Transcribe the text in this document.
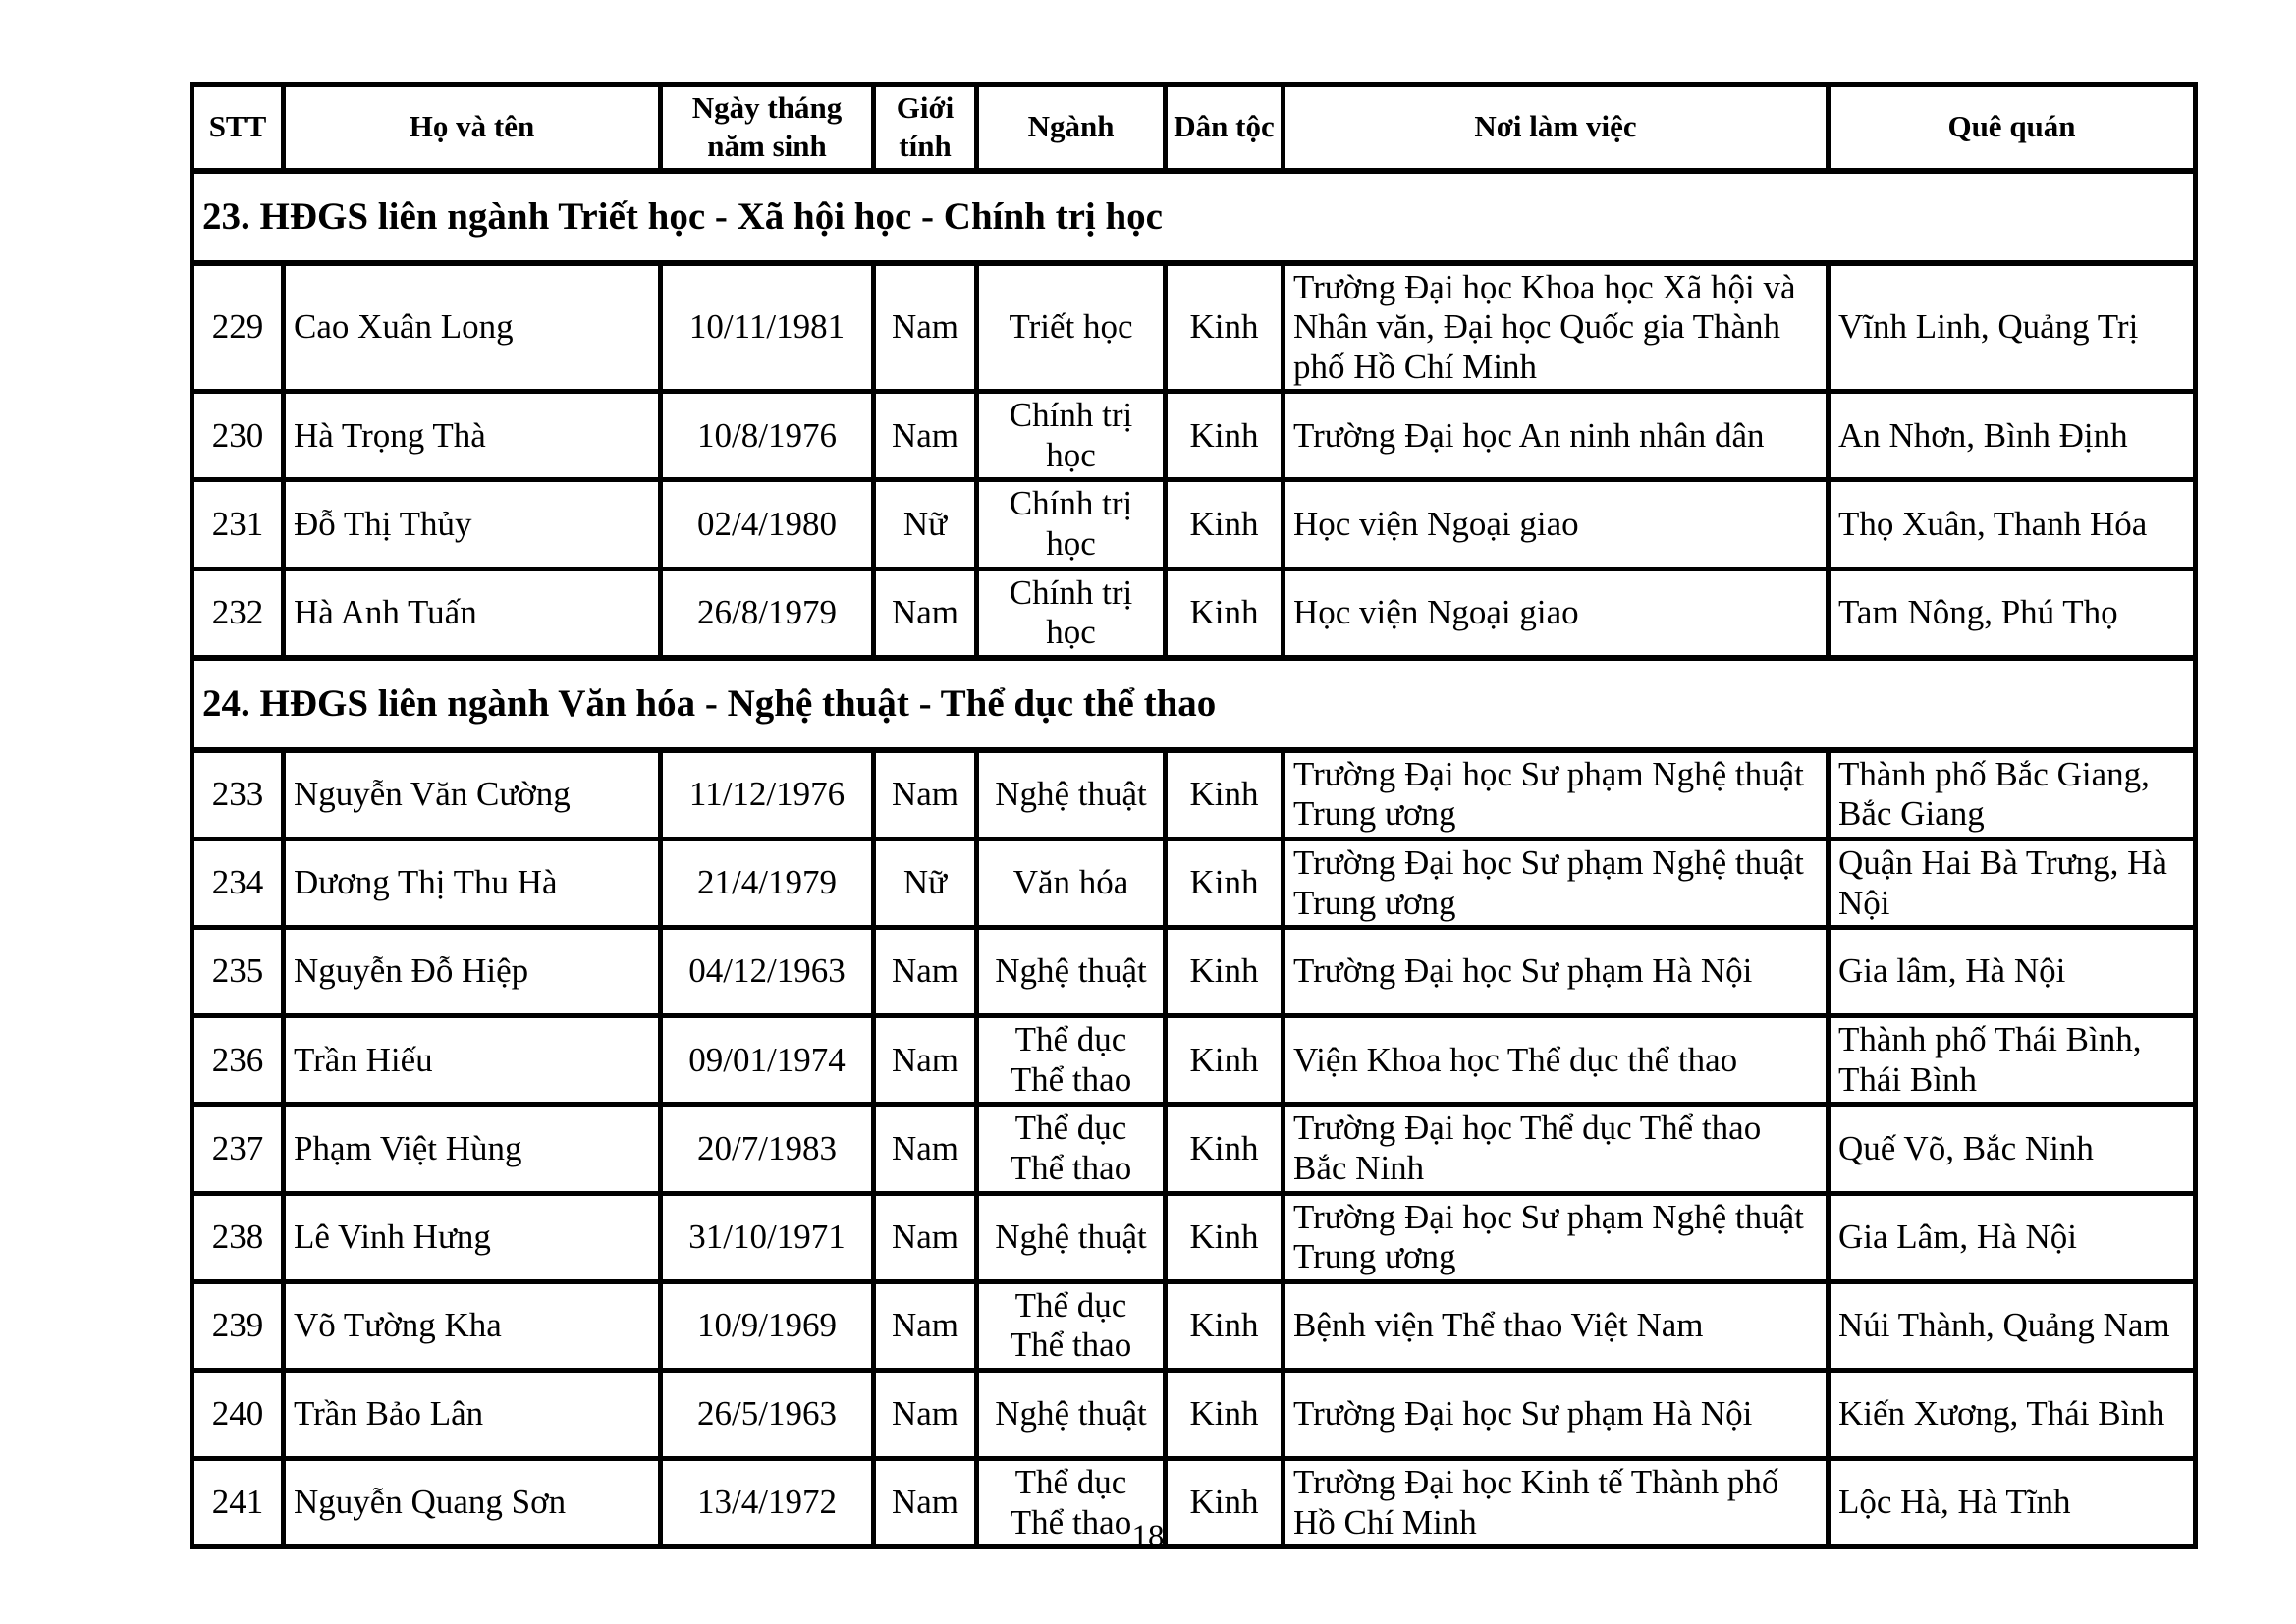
STT	Họ và tên	Ngày tháng năm sinh	Giới tính	Ngành	Dân tộc	Nơi làm việc	Quê quán
23. HĐGS liên ngành Triết học - Xã hội học - Chính trị học							
229	Cao Xuân Long	10/11/1981	Nam	Triết học	Kinh	Trường Đại học Khoa học Xã hội và Nhân văn, Đại học Quốc gia Thành phố Hồ Chí Minh	Vĩnh Linh, Quảng Trị
230	Hà Trọng Thà	10/8/1976	Nam	Chính trị học	Kinh	Trường Đại học An ninh nhân dân	An Nhơn, Bình Định
231	Đỗ Thị Thủy	02/4/1980	Nữ	Chính trị học	Kinh	Học viện Ngoại giao	Thọ Xuân, Thanh Hóa
232	Hà Anh Tuấn	26/8/1979	Nam	Chính trị học	Kinh	Học viện Ngoại giao	Tam Nông, Phú Thọ
24. HĐGS liên ngành Văn hóa - Nghệ thuật - Thể dục thể thao							
233	Nguyễn Văn Cường	11/12/1976	Nam	Nghệ thuật	Kinh	Trường Đại học Sư phạm Nghệ thuật Trung ương	Thành phố Bắc Giang, Bắc Giang
234	Dương Thị Thu Hà	21/4/1979	Nữ	Văn hóa	Kinh	Trường Đại học Sư phạm Nghệ thuật Trung ương	Quận Hai Bà Trưng, Hà Nội
235	Nguyễn Đỗ Hiệp	04/12/1963	Nam	Nghệ thuật	Kinh	Trường Đại học Sư phạm Hà Nội	Gia lâm, Hà Nội
236	Trần Hiếu	09/01/1974	Nam	Thể dục Thể thao	Kinh	Viện Khoa học Thể dục thể thao	Thành phố Thái Bình, Thái Bình
237	Phạm Việt Hùng	20/7/1983	Nam	Thể dục Thể thao	Kinh	Trường Đại học Thể dục Thể thao Bắc Ninh	Quế Võ, Bắc Ninh
238	Lê Vinh Hưng	31/10/1971	Nam	Nghệ thuật	Kinh	Trường Đại học Sư phạm Nghệ thuật Trung ương	Gia Lâm, Hà Nội
239	Võ Tường Kha	10/9/1969	Nam	Thể dục Thể thao	Kinh	Bệnh viện Thể thao Việt Nam	Núi Thành, Quảng Nam
240	Trần Bảo Lân	26/5/1963	Nam	Nghệ thuật	Kinh	Trường Đại học Sư phạm Hà Nội	Kiến Xương, Thái Bình
241	Nguyễn Quang Sơn	13/4/1972	Nam	Thể dục Thể thao	Kinh	Trường Đại học Kinh tế Thành phố Hồ Chí Minh	Lộc Hà, Hà Tĩnh
18
